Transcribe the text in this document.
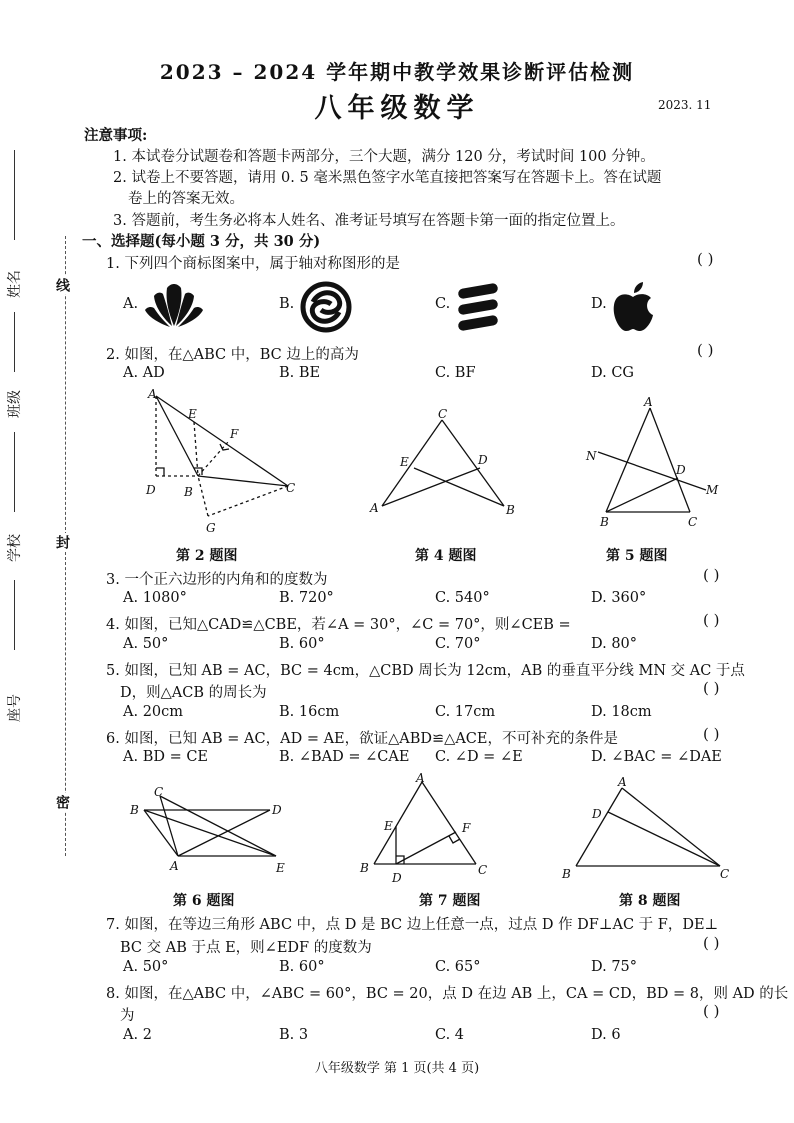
线
封
密
姓名
班级
学校
座号
2023 – 2024 学年期中教学效果诊断评估检测
八年级数学	2023. 11
注意事项:
1. 本试卷分试题卷和答题卡两部分，三个大题，满分 120 分，考试时间 100 分钟。
2. 试卷上不要答题，请用 0. 5 毫米黑色签字水笔直接把答案写在答题卡上。答在试题
卷上的答案无效。
3. 答题前，考生务必将本人姓名、准考证号填写在答题卡第一面的指定位置上。
一、选择题(每小题 3 分，共 30 分)
1. 下列四个商标图案中，属于轴对称图形的是	( )
A.	B.	C.	D.
2. 如图，在△ABC 中，BC 边上的高为	( )
A. AD	B. BE	C. BF	D. CG
A
E
F
D B	C
G
第 2 题图
C
E	D
A	B
第 4 题图
A
N
D
M
B	C
第 5 题图
3. 一个正六边形的内角和的度数为	( )
A. 1080°	B. 720°	C. 540°	D. 360°
4. 如图，已知△CAD≌△CBE，若∠A = 30°，∠C = 70°，则∠CEB =	( )
A. 50°	B. 60°	C. 70°	D. 80°
5. 如图，已知 AB = AC，BC = 4cm，△CBD 周长为 12cm，AB 的垂直平分线 MN 交 AC 于点
D，则△ACB 的周长为	( )
A. 20cm	B. 16cm	C. 17cm	D. 18cm
6. 如图，已知 AB = AC，AD = AE，欲证△ABD≌△ACE，不可补充的条件是	( )
A. BD = CE	B. ∠BAD = ∠CAE C. ∠D = ∠E	D. ∠BAC = ∠DAE
C
B	D
A	E
第 6 题图
A
E	F
B
D
C
第 7 题图
A
D
B	C
第 8 题图
7. 如图，在等边三角形 ABC 中，点 D 是 BC 边上任意一点，过点 D 作 DF⊥AC 于 F，DE⊥
BC 交 AB 于点 E，则∠EDF 的度数为	( )
A. 50°	B. 60°	C. 65°	D. 75°
8. 如图，在△ABC 中，∠ABC = 60°，BC = 20，点 D 在边 AB 上，CA = CD，BD = 8，则 AD 的长
为	( )
A. 2	B. 3	C. 4	D. 6
八年级数学 第 1 页(共 4 页)
